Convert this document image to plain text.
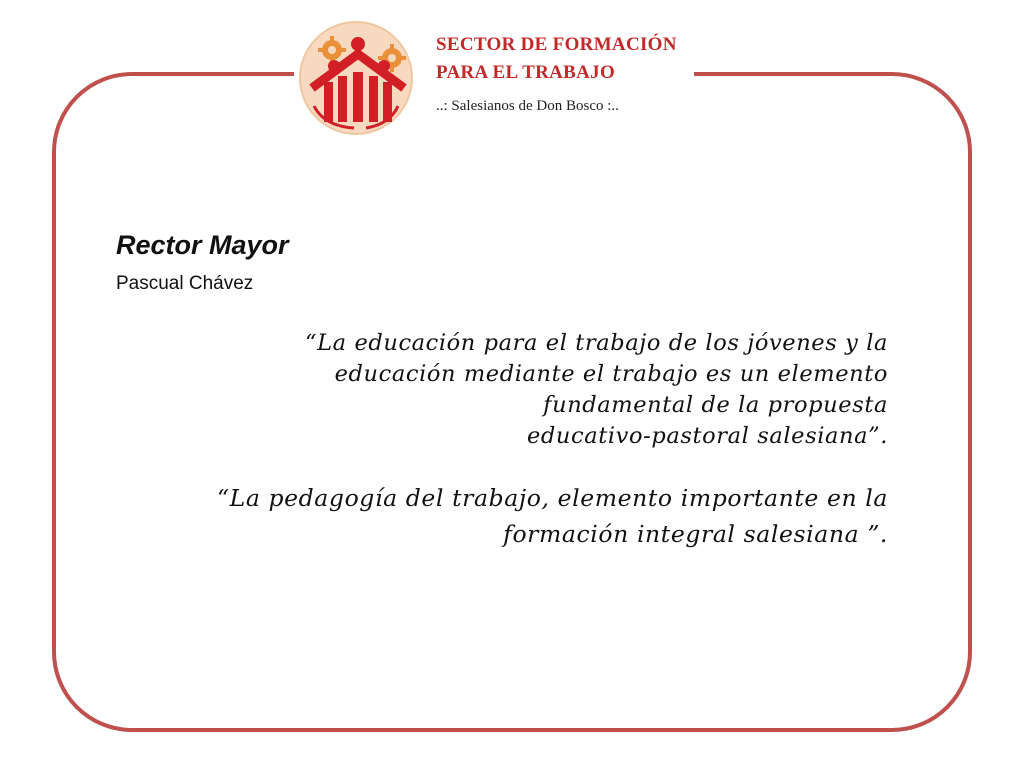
SECTOR DE FORMACIÓN
PARA EL TRABAJO
..: Salesianos de Don Bosco :..
Rector Mayor
Pascual Chávez
“La educación para el trabajo de los jóvenes y la
educación mediante el trabajo es un elemento
fundamental de la propuesta
educativo-pastoral salesiana”.
“La pedagogía del trabajo, elemento importante en la
formación integral salesiana ”.
